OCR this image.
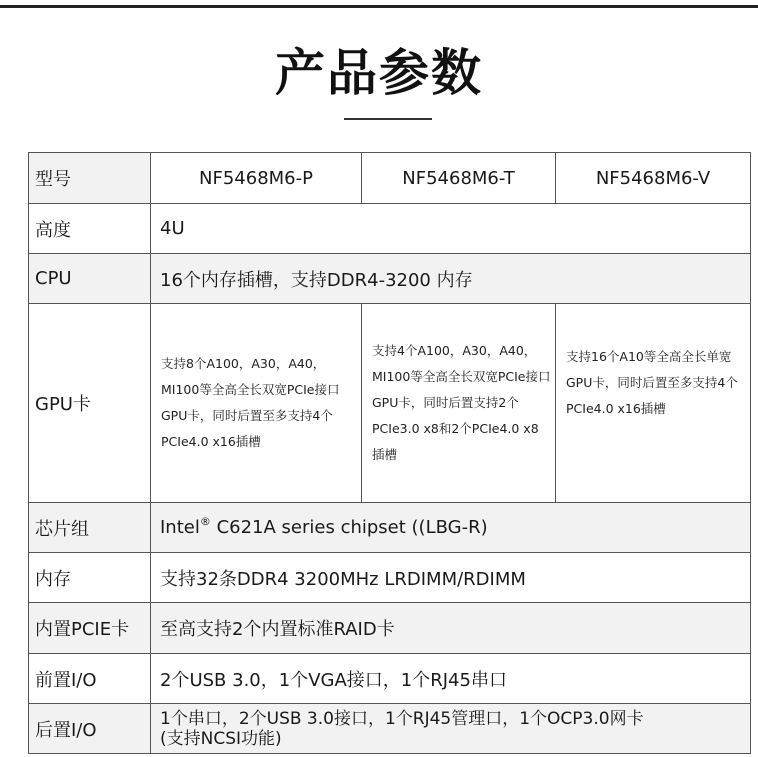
产品参数
型号	NF5468M6-P	NF5468M6-T	NF5468M6-V
高度	4U		
CPU	16个内存插槽，支持DDR4-3200 内存		
GPU卡	支持8个A100，A30，A40，MI100等全高全长双宽PCIe接口GPU卡，同时后置至多支持4个PCIe4.0 x16插槽	支持4个A100，A30，A40，MI100等全高全长双宽PCIe接口GPU卡，同时后置支持2个PCIe3.0 x8和2个PCIe4.0 x8插槽	支持16个A10等全高全长单宽GPU卡，同时后置至多支持4个PCIe4.0 x16插槽
芯片组	Intel® C621A series chipset ((LBG-R)		
内存	支持32条DDR4 3200MHz LRDIMM/RDIMM		
内置PCIE卡	至高支持2个内置标准RAID卡		
前置I/O	2个USB 3.0，1个VGA接口，1个RJ45串口		
后置I/O	1个串口，2个USB 3.0接口，1个RJ45管理口，1个OCP3.0网卡
(支持NCSI功能)		
